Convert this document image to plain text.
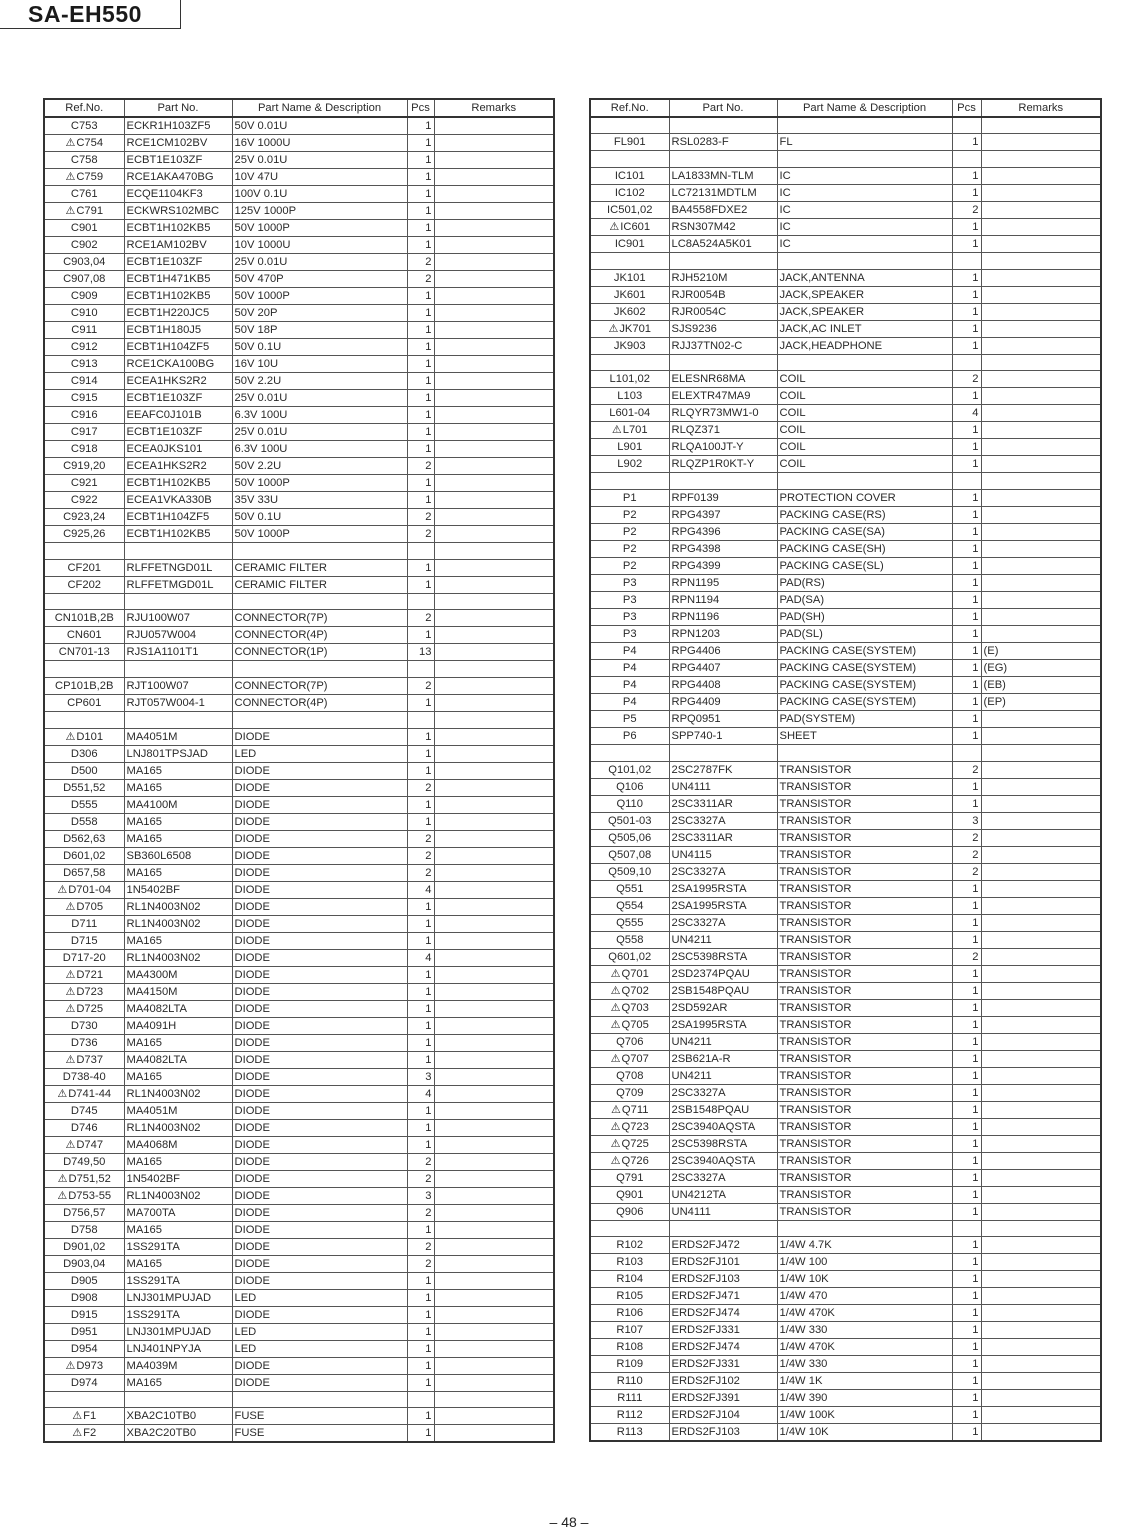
SA-EH550
Ref.No.	Part No.	Part Name & Description	Pcs	Remarks
C753	ECKR1H103ZF5	50V 0.01U	1	
⚠C754	RCE1CM102BV	16V 1000U	1	
C758	ECBT1E103ZF	25V 0.01U	1	
⚠C759	RCE1AKA470BG	10V 47U	1	
C761	ECQE1104KF3	100V 0.1U	1	
⚠C791	ECKWRS102MBC	125V 1000P	1	
C901	ECBT1H102KB5	50V 1000P	1	
C902	RCE1AM102BV	10V 1000U	1	
C903,04	ECBT1E103ZF	25V 0.01U	2	
C907,08	ECBT1H471KB5	50V 470P	2	
C909	ECBT1H102KB5	50V 1000P	1	
C910	ECBT1H220JC5	50V 20P	1	
C911	ECBT1H180J5	50V 18P	1	
C912	ECBT1H104ZF5	50V 0.1U	1	
C913	RCE1CKA100BG	16V 10U	1	
C914	ECEA1HKS2R2	50V 2.2U	1	
C915	ECBT1E103ZF	25V 0.01U	1	
C916	EEAFC0J101B	6.3V 100U	1	
C917	ECBT1E103ZF	25V 0.01U	1	
C918	ECEA0JKS101	6.3V 100U	1	
C919,20	ECEA1HKS2R2	50V 2.2U	2	
C921	ECBT1H102KB5	50V 1000P	1	
C922	ECEA1VKA330B	35V 33U	1	
C923,24	ECBT1H104ZF5	50V 0.1U	2	
C925,26	ECBT1H102KB5	50V 1000P	2	

CF201	RLFFETNGD01L	CERAMIC FILTER	1	
CF202	RLFFETMGD01L	CERAMIC FILTER	1	

CN101B,2B	RJU100W07	CONNECTOR(7P)	2	
CN601	RJU057W004	CONNECTOR(4P)	1	
CN701-13	RJS1A1101T1	CONNECTOR(1P)	13	

CP101B,2B	RJT100W07	CONNECTOR(7P)	2	
CP601	RJT057W004-1	CONNECTOR(4P)	1	

⚠D101	MA4051M	DIODE	1	
D306	LNJ801TPSJAD	LED	1	
D500	MA165	DIODE	1	
D551,52	MA165	DIODE	2	
D555	MA4100M	DIODE	1	
D558	MA165	DIODE	1	
D562,63	MA165	DIODE	2	
D601,02	SB360L6508	DIODE	2	
D657,58	MA165	DIODE	2	
⚠D701-04	1N5402BF	DIODE	4	
⚠D705	RL1N4003N02	DIODE	1	
D711	RL1N4003N02	DIODE	1	
D715	MA165	DIODE	1	
D717-20	RL1N4003N02	DIODE	4	
⚠D721	MA4300M	DIODE	1	
⚠D723	MA4150M	DIODE	1	
⚠D725	MA4082LTA	DIODE	1	
D730	MA4091H	DIODE	1	
D736	MA165	DIODE	1	
⚠D737	MA4082LTA	DIODE	1	
D738-40	MA165	DIODE	3	
⚠D741-44	RL1N4003N02	DIODE	4	
D745	MA4051M	DIODE	1	
D746	RL1N4003N02	DIODE	1	
⚠D747	MA4068M	DIODE	1	
D749,50	MA165	DIODE	2	
⚠D751,52	1N5402BF	DIODE	2	
⚠D753-55	RL1N4003N02	DIODE	3	
D756,57	MA700TA	DIODE	2	
D758	MA165	DIODE	1	
D901,02	1SS291TA	DIODE	2	
D903,04	MA165	DIODE	2	
D905	1SS291TA	DIODE	1	
D908	LNJ301MPUJAD	LED	1	
D915	1SS291TA	DIODE	1	
D951	LNJ301MPUJAD	LED	1	
D954	LNJ401NPYJA	LED	1	
⚠D973	MA4039M	DIODE	1	
D974	MA165	DIODE	1	

⚠F1	XBA2C10TB0	FUSE	1	
⚠F2	XBA2C20TB0	FUSE	1	
Ref.No.	Part No.	Part Name & Description	Pcs	Remarks

FL901	RSL0283-F	FL	1	

IC101	LA1833MN-TLM	IC	1	
IC102	LC72131MDTLM	IC	1	
IC501,02	BA4558FDXE2	IC	2	
⚠IC601	RSN307M42	IC	1	
IC901	LC8A524A5K01	IC	1	

JK101	RJH5210M	JACK,ANTENNA	1	
JK601	RJR0054B	JACK,SPEAKER	1	
JK602	RJR0054C	JACK,SPEAKER	1	
⚠JK701	SJS9236	JACK,AC INLET	1	
JK903	RJJ37TN02-C	JACK,HEADPHONE	1	

L101,02	ELESNR68MA	COIL	2	
L103	ELEXTR47MA9	COIL	1	
L601-04	RLQYR73MW1-0	COIL	4	
⚠L701	RLQZ371	COIL	1	
L901	RLQA100JT-Y	COIL	1	
L902	RLQZP1R0KT-Y	COIL	1	

P1	RPF0139	PROTECTION COVER	1	
P2	RPG4397	PACKING CASE(RS)	1	
P2	RPG4396	PACKING CASE(SA)	1	
P2	RPG4398	PACKING CASE(SH)	1	
P2	RPG4399	PACKING CASE(SL)	1	
P3	RPN1195	PAD(RS)	1	
P3	RPN1194	PAD(SA)	1	
P3	RPN1196	PAD(SH)	1	
P3	RPN1203	PAD(SL)	1	
P4	RPG4406	PACKING CASE(SYSTEM)	1	(E)
P4	RPG4407	PACKING CASE(SYSTEM)	1	(EG)
P4	RPG4408	PACKING CASE(SYSTEM)	1	(EB)
P4	RPG4409	PACKING CASE(SYSTEM)	1	(EP)
P5	RPQ0951	PAD(SYSTEM)	1	
P6	SPP740-1	SHEET	1	

Q101,02	2SC2787FK	TRANSISTOR	2	
Q106	UN4111	TRANSISTOR	1	
Q110	2SC3311AR	TRANSISTOR	1	
Q501-03	2SC3327A	TRANSISTOR	3	
Q505,06	2SC3311AR	TRANSISTOR	2	
Q507,08	UN4115	TRANSISTOR	2	
Q509,10	2SC3327A	TRANSISTOR	2	
Q551	2SA1995RSTA	TRANSISTOR	1	
Q554	2SA1995RSTA	TRANSISTOR	1	
Q555	2SC3327A	TRANSISTOR	1	
Q558	UN4211	TRANSISTOR	1	
Q601,02	2SC5398RSTA	TRANSISTOR	2	
⚠Q701	2SD2374PQAU	TRANSISTOR	1	
⚠Q702	2SB1548PQAU	TRANSISTOR	1	
⚠Q703	2SD592AR	TRANSISTOR	1	
⚠Q705	2SA1995RSTA	TRANSISTOR	1	
Q706	UN4211	TRANSISTOR	1	
⚠Q707	2SB621A-R	TRANSISTOR	1	
Q708	UN4211	TRANSISTOR	1	
Q709	2SC3327A	TRANSISTOR	1	
⚠Q711	2SB1548PQAU	TRANSISTOR	1	
⚠Q723	2SC3940AQSTA	TRANSISTOR	1	
⚠Q725	2SC5398RSTA	TRANSISTOR	1	
⚠Q726	2SC3940AQSTA	TRANSISTOR	1	
Q791	2SC3327A	TRANSISTOR	1	
Q901	UN4212TA	TRANSISTOR	1	
Q906	UN4111	TRANSISTOR	1	

R102	ERDS2FJ472	1/4W 4.7K	1	
R103	ERDS2FJ101	1/4W 100	1	
R104	ERDS2FJ103	1/4W 10K	1	
R105	ERDS2FJ471	1/4W 470	1	
R106	ERDS2FJ474	1/4W 470K	1	
R107	ERDS2FJ331	1/4W 330	1	
R108	ERDS2FJ474	1/4W 470K	1	
R109	ERDS2FJ331	1/4W 330	1	
R110	ERDS2FJ102	1/4W 1K	1	
R111	ERDS2FJ391	1/4W 390	1	
R112	ERDS2FJ104	1/4W 100K	1	
R113	ERDS2FJ103	1/4W 10K	1	
– 48 –
